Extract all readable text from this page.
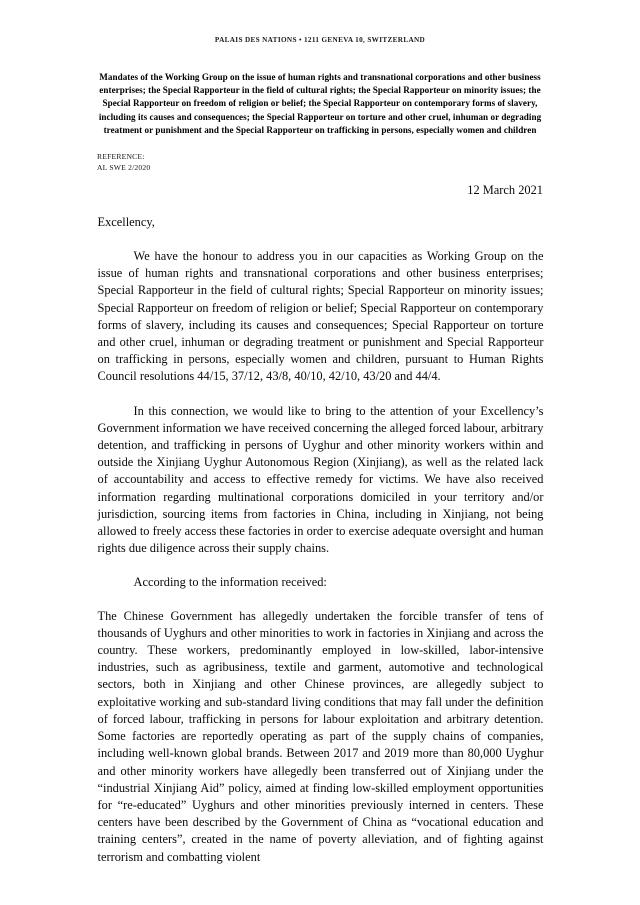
PALAIS DES NATIONS • 1211 GENEVA 10, SWITZERLAND
Mandates of the Working Group on the issue of human rights and transnational corporations and other business enterprises; the Special Rapporteur in the field of cultural rights; the Special Rapporteur on minority issues; the Special Rapporteur on freedom of religion or belief; the Special Rapporteur on contemporary forms of slavery, including its causes and consequences; the Special Rapporteur on torture and other cruel, inhuman or degrading treatment or punishment and the Special Rapporteur on trafficking in persons, especially women and children
REFERENCE:
AL SWE 2/2020
12 March 2021
Excellency,

We have the honour to address you in our capacities as Working Group on the issue of human rights and transnational corporations and other business enterprises; Special Rapporteur in the field of cultural rights; Special Rapporteur on minority issues; Special Rapporteur on freedom of religion or belief; Special Rapporteur on contemporary forms of slavery, including its causes and consequences; Special Rapporteur on torture and other cruel, inhuman or degrading treatment or punishment and Special Rapporteur on trafficking in persons, especially women and children, pursuant to Human Rights Council resolutions 44/15, 37/12, 43/8, 40/10, 42/10, 43/20 and 44/4.

In this connection, we would like to bring to the attention of your Excellency’s Government information we have received concerning the alleged forced labour, arbitrary detention, and trafficking in persons of Uyghur and other minority workers within and outside the Xinjiang Uyghur Autonomous Region (Xinjiang), as well as the related lack of accountability and access to effective remedy for victims. We have also received information regarding multinational corporations domiciled in your territory and/or jurisdiction, sourcing items from factories in China, including in Xinjiang, not being allowed to freely access these factories in order to exercise adequate oversight and human rights due diligence across their supply chains.

According to the information received:

The Chinese Government has allegedly undertaken the forcible transfer of tens of thousands of Uyghurs and other minorities to work in factories in Xinjiang and across the country. These workers, predominantly employed in low-skilled, labor-intensive industries, such as agribusiness, textile and garment, automotive and technological sectors, both in Xinjiang and other Chinese provinces, are allegedly subject to exploitative working and sub-standard living conditions that may fall under the definition of forced labour, trafficking in persons for labour exploitation and arbitrary detention. Some factories are reportedly operating as part of the supply chains of companies, including well-known global brands. Between 2017 and 2019 more than 80,000 Uyghur and other minority workers have allegedly been transferred out of Xinjiang under the “industrial Xinjiang Aid” policy, aimed at finding low-skilled employment opportunities for “re-educated” Uyghurs and other minorities previously interned in centers. These centers have been described by the Government of China as “vocational education and training centers”, created in the name of poverty alleviation, and of fighting against terrorism and combatting violent
